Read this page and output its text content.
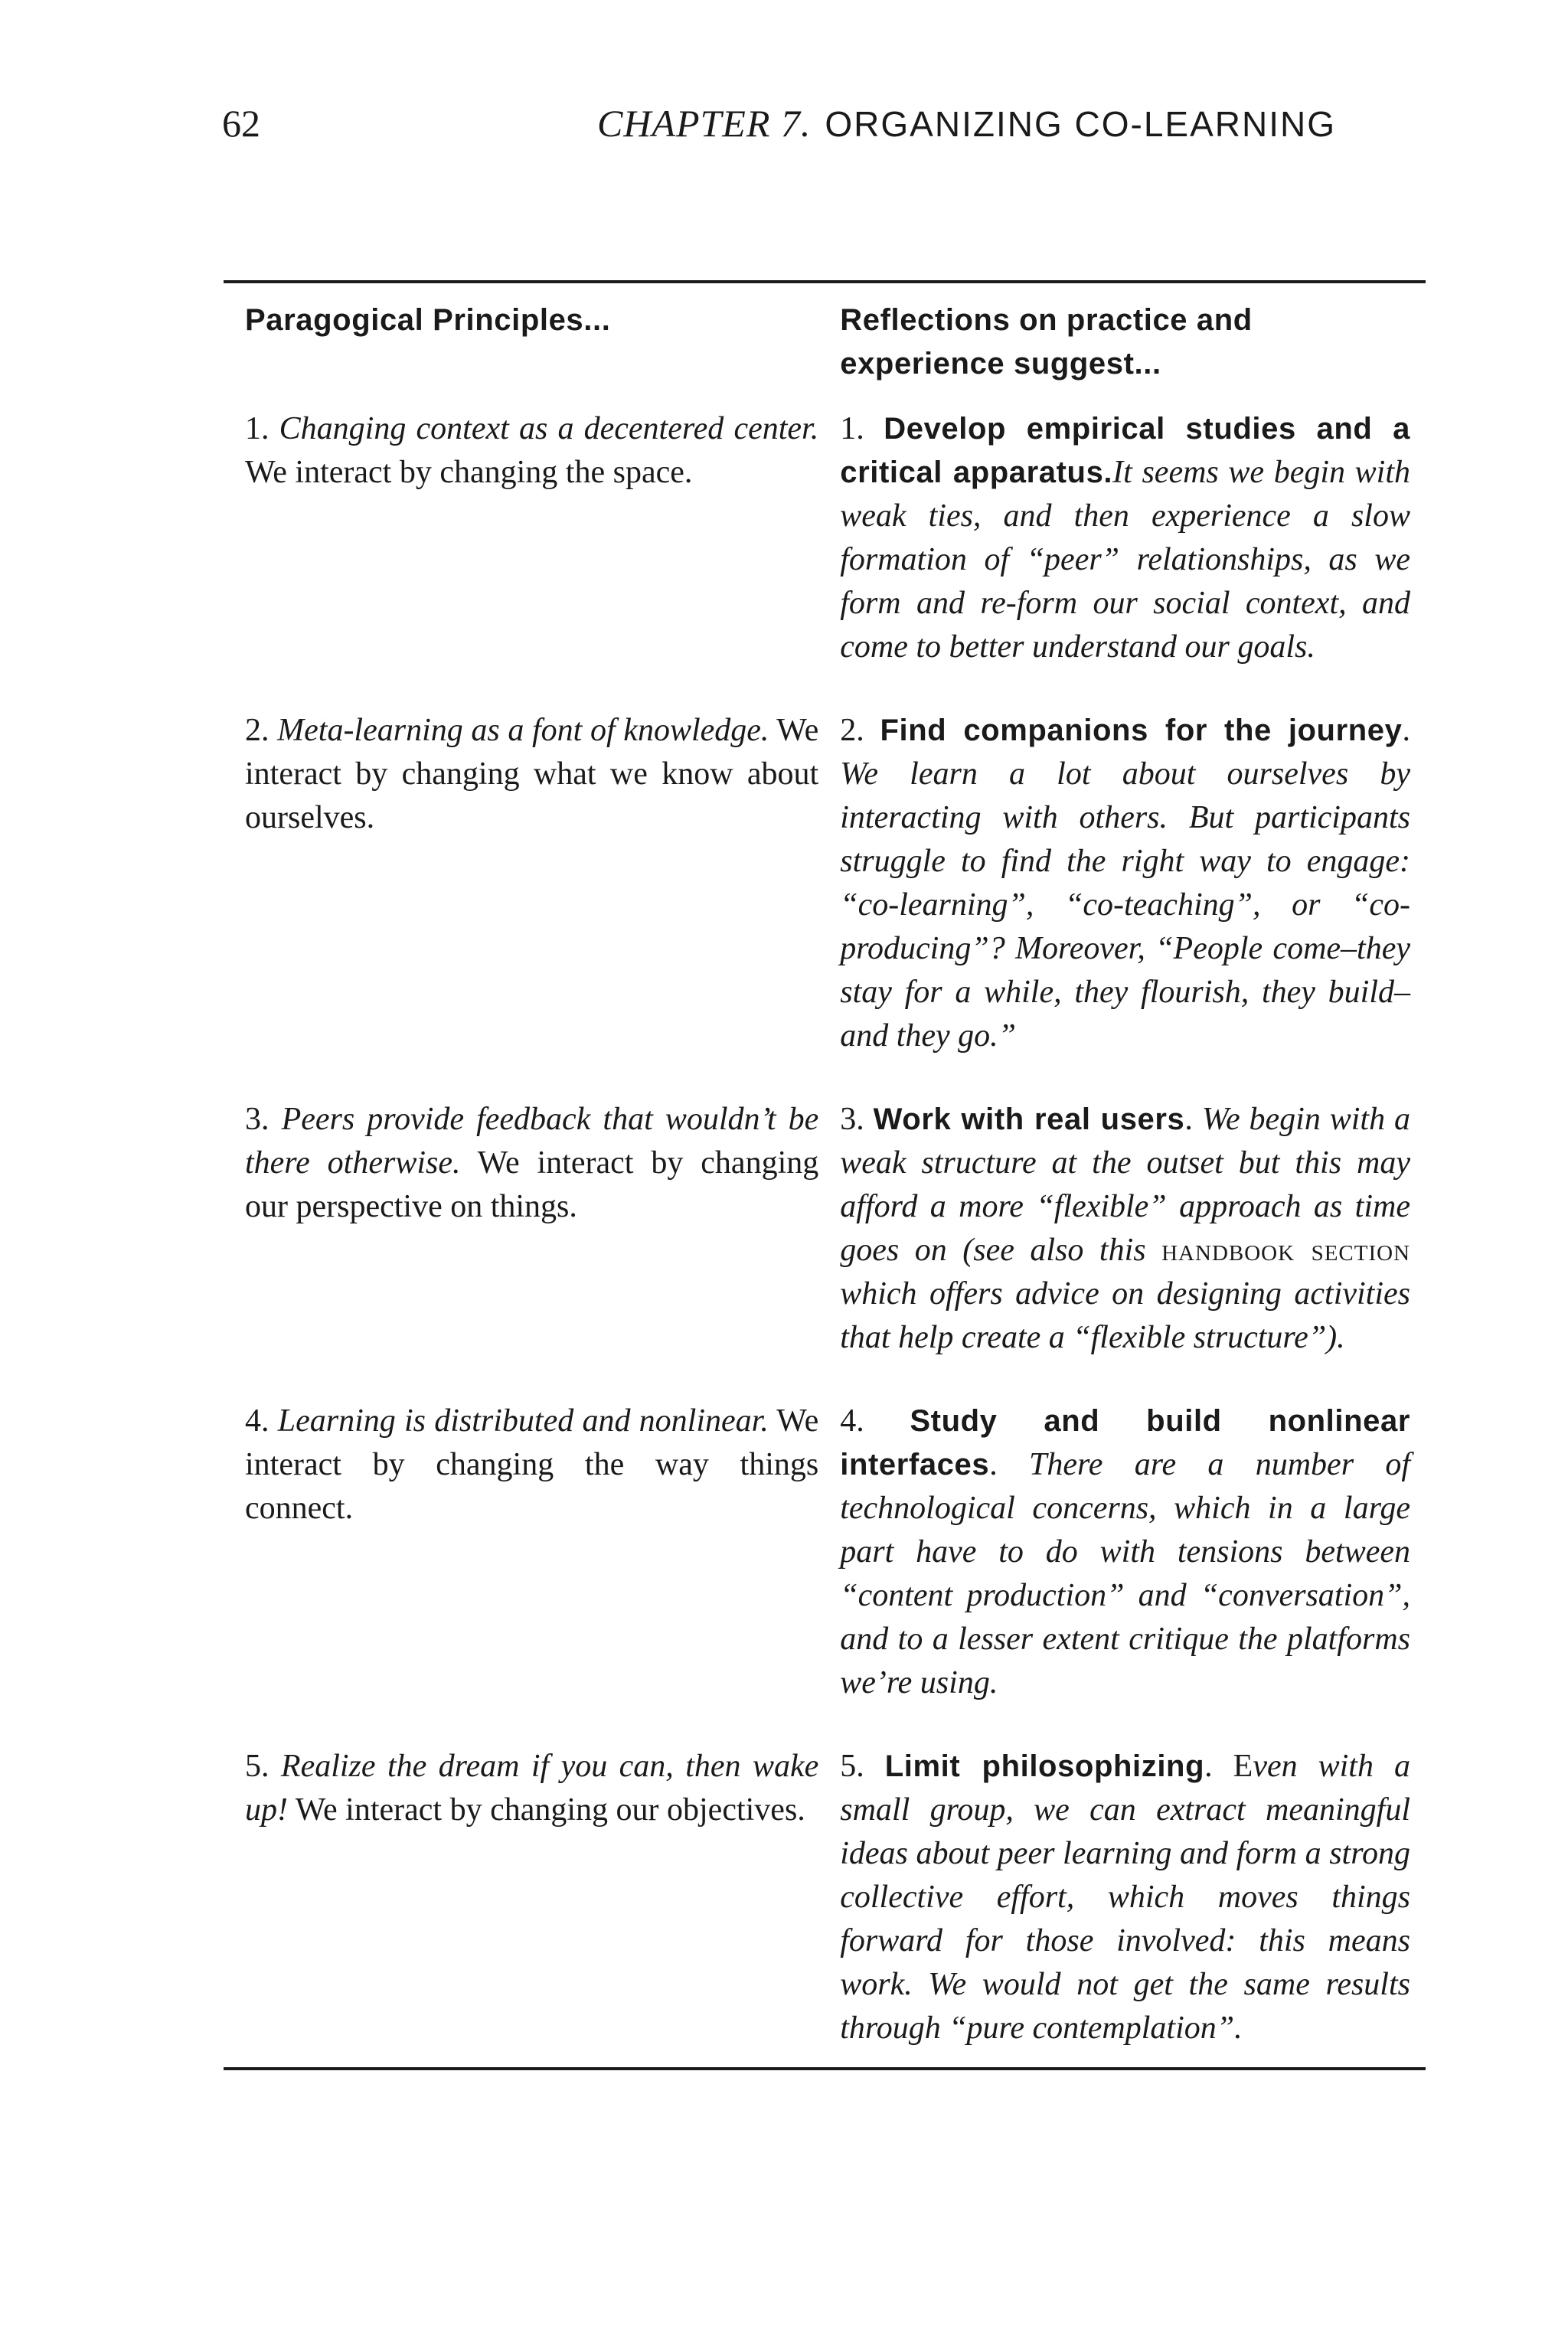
62	CHAPTER 7. ORGANIZING CO-LEARNING
Paragogical Principles...	Reflections on practice and experience suggest...
1. Changing context as a decentered center. We interact by changing the space.	1. Develop empirical studies and a critical apparatus.It seems we begin with weak ties, and then experience a slow formation of “peer” relationships, as we form and re-form our social context, and come to better understand our goals.
2. Meta-learning as a font of knowledge. We interact by changing what we know about ourselves.	2. Find companions for the journey. We learn a lot about ourselves by interacting with others. But participants struggle to find the right way to engage: “co-learning”, “co-teaching”, or “co-producing”? Moreover, “People come–they stay for a while, they flourish, they build–and they go.”
3. Peers provide feedback that wouldn’t be there otherwise. We interact by changing our perspective on things.	3. Work with real users. We begin with a weak structure at the outset but this may afford a more “flexible” approach as time goes on (see also this handbook section which offers advice on designing activities that help create a “flexible structure”).
4. Learning is distributed and nonlinear. We interact by changing the way things connect.	4. Study and build nonlinear interfaces. There are a number of technological concerns, which in a large part have to do with tensions between “content production” and “conversation”, and to a lesser extent critique the platforms we’re using.
5. Realize the dream if you can, then wake up! We interact by changing our objectives.	5. Limit philosophizing. Even with a small group, we can extract meaningful ideas about peer learning and form a strong collective effort, which moves things forward for those involved: this means work. We would not get the same results through “pure contemplation”.
